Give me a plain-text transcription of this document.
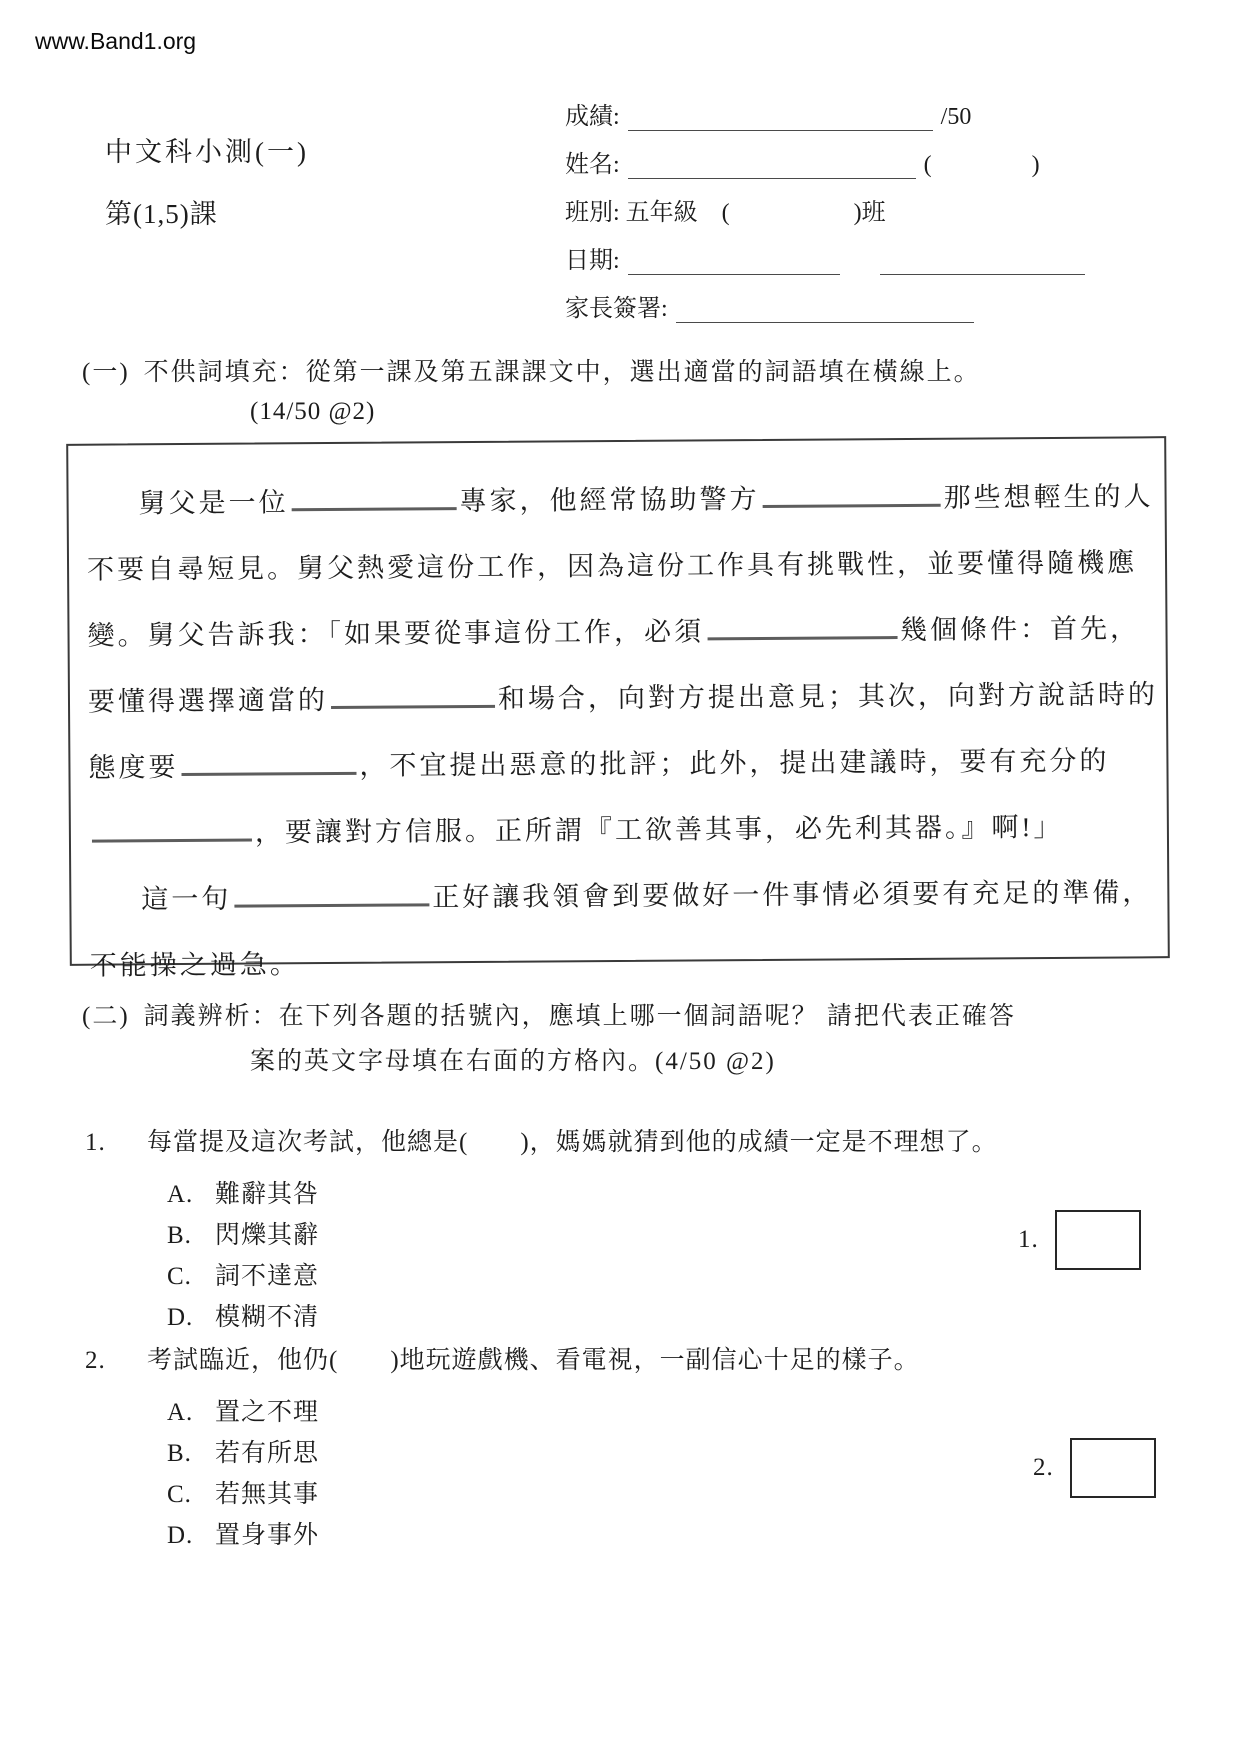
www.Band1.org
中文科小測(一)
第(1,5)課
成績:	/50
姓名:	(	)
班別: 五年級 (	)班
日期:
家長簽署:
(一) 不供詞填充：從第一課及第五課課文中，選出適當的詞語填在橫線上。
(14/50 @2)
舅父是一位	專家，他經常協助警方	那些想輕生的人
不要自尋短見。舅父熱愛這份工作，因為這份工作具有挑戰性，並要懂得隨機應
變。舅父告訴我：「如果要從事這份工作，必須	幾個條件：首先，
要懂得選擇適當的	和場合，向對方提出意見；其次，向對方說話時的
態度要	，不宜提出惡意的批評；此外，提出建議時，要有充分的
，要讓對方信服。正所謂『工欲善其事，必先利其器。』啊!」
這一句	正好讓我領會到要做好一件事情必須要有充足的準備，
不能操之過急。
(二) 詞義辨析：在下列各題的括號內，應填上哪一個詞語呢？ 請把代表正確答
案的英文字母填在右面的方格內。(4/50 @2)
1. 每當提及這次考試，他總是(　　)，媽媽就猜到他的成績一定是不理想了。
A. 難辭其咎
B. 閃爍其辭
C. 詞不達意
D. 模糊不清
1.
2. 考試臨近，他仍(　　)地玩遊戲機、看電視，一副信心十足的樣子。
A. 置之不理
B. 若有所思
C. 若無其事
D. 置身事外
2.
